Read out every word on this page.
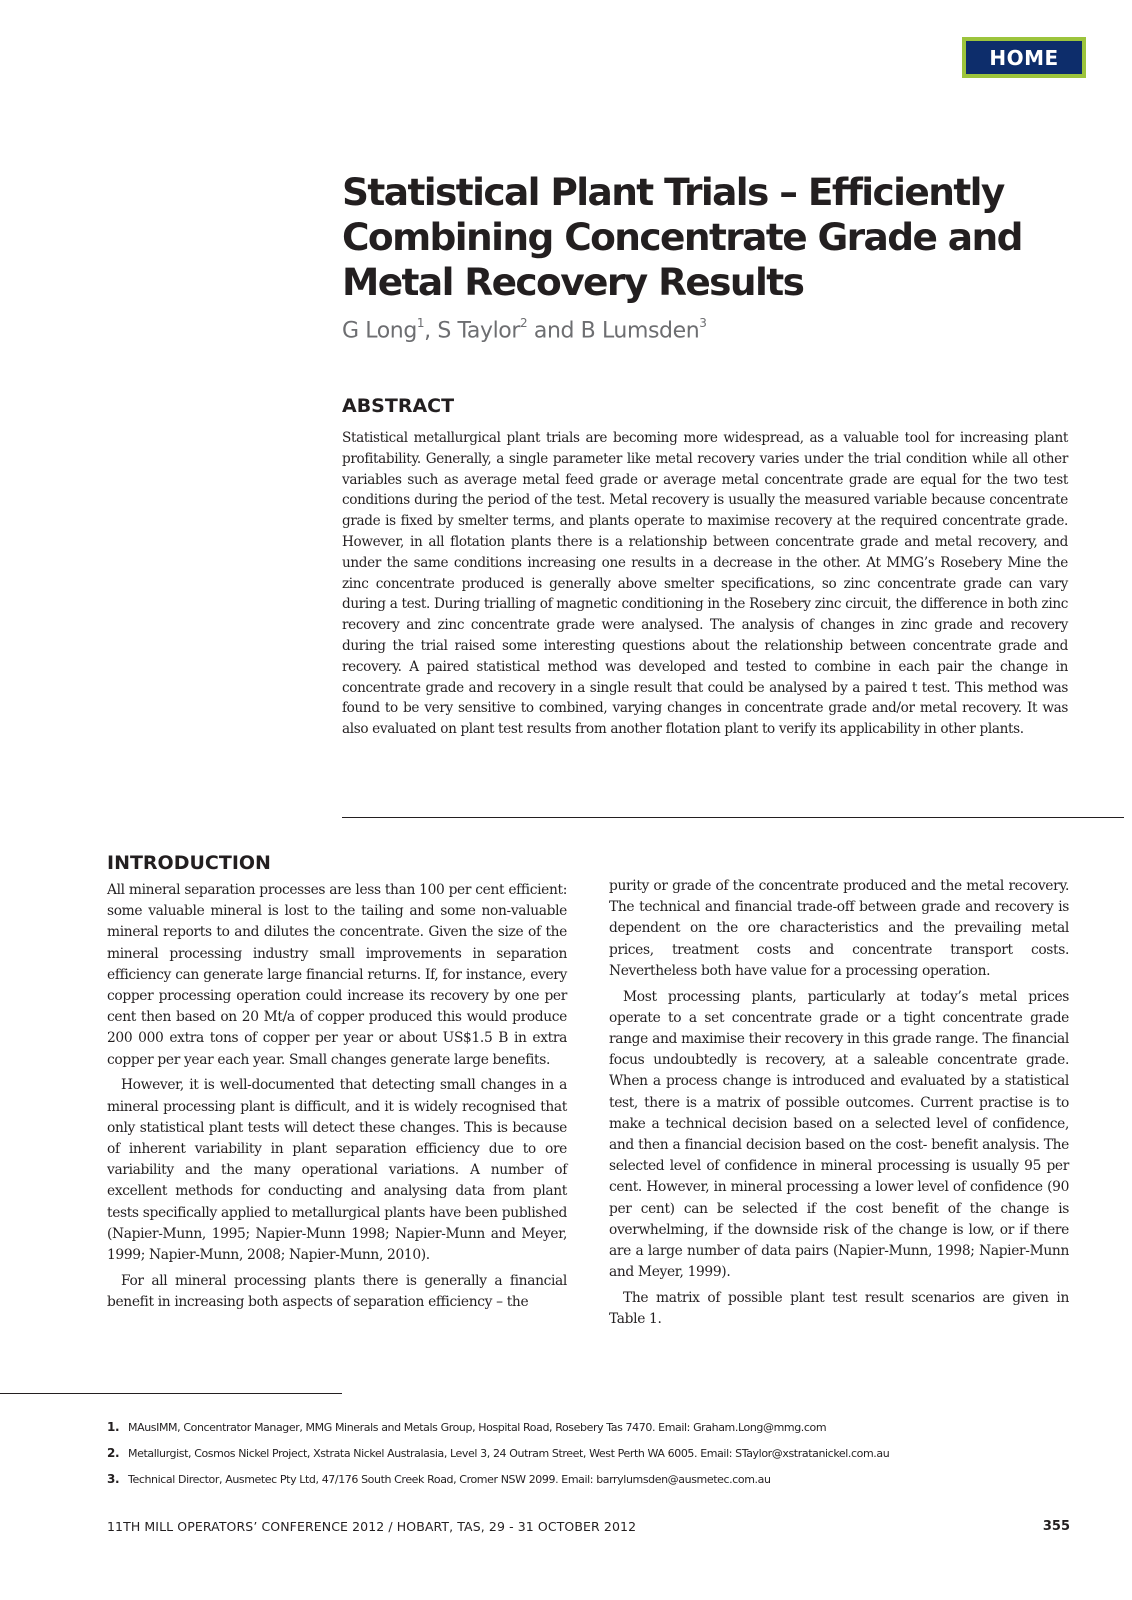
HOME
Statistical Plant Trials – Efficiently Combining Concentrate Grade and Metal Recovery Results

G Long$^1$, S Taylor$^2$ and B Lumsden$^3$

ABSTRACT

Statistical metallurgical plant trials are becoming more widespread, as a valuable tool for increasing plant profitability. Generally, a single parameter like metal recovery varies under the trial condition while all other variables such as average metal feed grade or average metal concentrate grade are equal for the two test conditions during the period of the test. Metal recovery is usually the measured variable because concentrate grade is fixed by smelter terms, and plants operate to maximise recovery at the required concentrate grade. However, in all flotation plants there is a relationship between concentrate grade and metal recovery, and under the same conditions increasing one results in a decrease in the other. At MMG’s Rosebery Mine the zinc concentrate produced is generally above smelter specifications, so zinc concentrate grade can vary during a test. During trialling of magnetic conditioning in the Rosebery zinc circuit, the difference in both zinc recovery and zinc concentrate grade were analysed. The analysis of changes in zinc grade and recovery during the trial raised some interesting questions about the relationship between concentrate grade and recovery. A paired statistical method was developed and tested to combine in each pair the change in concentrate grade and recovery in a single result that could be analysed by a paired t test. This method was found to be very sensitive to combined, varying changes in concentrate grade and/or metal recovery. It was also evaluated on plant test results from another flotation plant to verify its applicability in other plants.

INTRODUCTION

All mineral separation processes are less than 100 per cent efficient: some valuable mineral is lost to the tailing and some non-valuable mineral reports to and dilutes the concentrate. Given the size of the mineral processing industry small improvements in separation efficiency can generate large financial returns. If, for instance, every copper processing operation could increase its recovery by one per cent then based on 20 Mt/a of copper produced this would produce 200 000 extra tons of copper per year or about US$1.5 B in extra copper per year each year. Small changes generate large benefits.

However, it is well-documented that detecting small changes in a mineral processing plant is difficult, and it is widely recognised that only statistical plant tests will detect these changes. This is because of inherent variability in plant separation efficiency due to ore variability and the many operational variations. A number of excellent methods for conducting and analysing data from plant tests specifically applied to metallurgical plants have been published (Napier-Munn, 1995; Napier-Munn 1998; Napier-Munn and Meyer, 1999; Napier-Munn, 2008; Napier-Munn, 2010).

For all mineral processing plants there is generally a financial benefit in increasing both aspects of separation efficiency – the

purity or grade of the concentrate produced and the metal recovery. The technical and financial trade-off between grade and recovery is dependent on the ore characteristics and the prevailing metal prices, treatment costs and concentrate transport costs. Nevertheless both have value for a processing operation.

Most processing plants, particularly at today’s metal prices operate to a set concentrate grade or a tight concentrate grade range and maximise their recovery in this grade range. The financial focus undoubtedly is recovery, at a saleable concentrate grade. When a process change is introduced and evaluated by a statistical test, there is a matrix of possible outcomes. Current practise is to make a technical decision based on a selected level of confidence, and then a financial decision based on the cost- benefit analysis. The selected level of confidence in mineral processing is usually 95 per cent. However, in mineral processing a lower level of confidence (90 per cent) can be selected if the cost benefit of the change is overwhelming, if the downside risk of the change is low, or if there are a large number of data pairs (Napier-Munn, 1998; Napier-Munn and Meyer, 1999).

The matrix of possible plant test result scenarios are given in Table 1.

1. MAusIMM, Concentrator Manager, MMG Minerals and Metals Group, Hospital Road, Rosebery Tas 7470. Email: Graham.Long@mmg.com
2. Metallurgist, Cosmos Nickel Project, Xstrata Nickel Australasia, Level 3, 24 Outram Street, West Perth WA 6005. Email: STaylor@xstratanickel.com.au
3. Technical Director, Ausmetec Pty Ltd, 47/176 South Creek Road, Cromer NSW 2099. Email: barrylumsden@ausmetec.com.au
11TH MILL OPERATORS’ CONFERENCE 2012 / HOBART, TAS, 29 - 31 OCTOBER 2012	355
